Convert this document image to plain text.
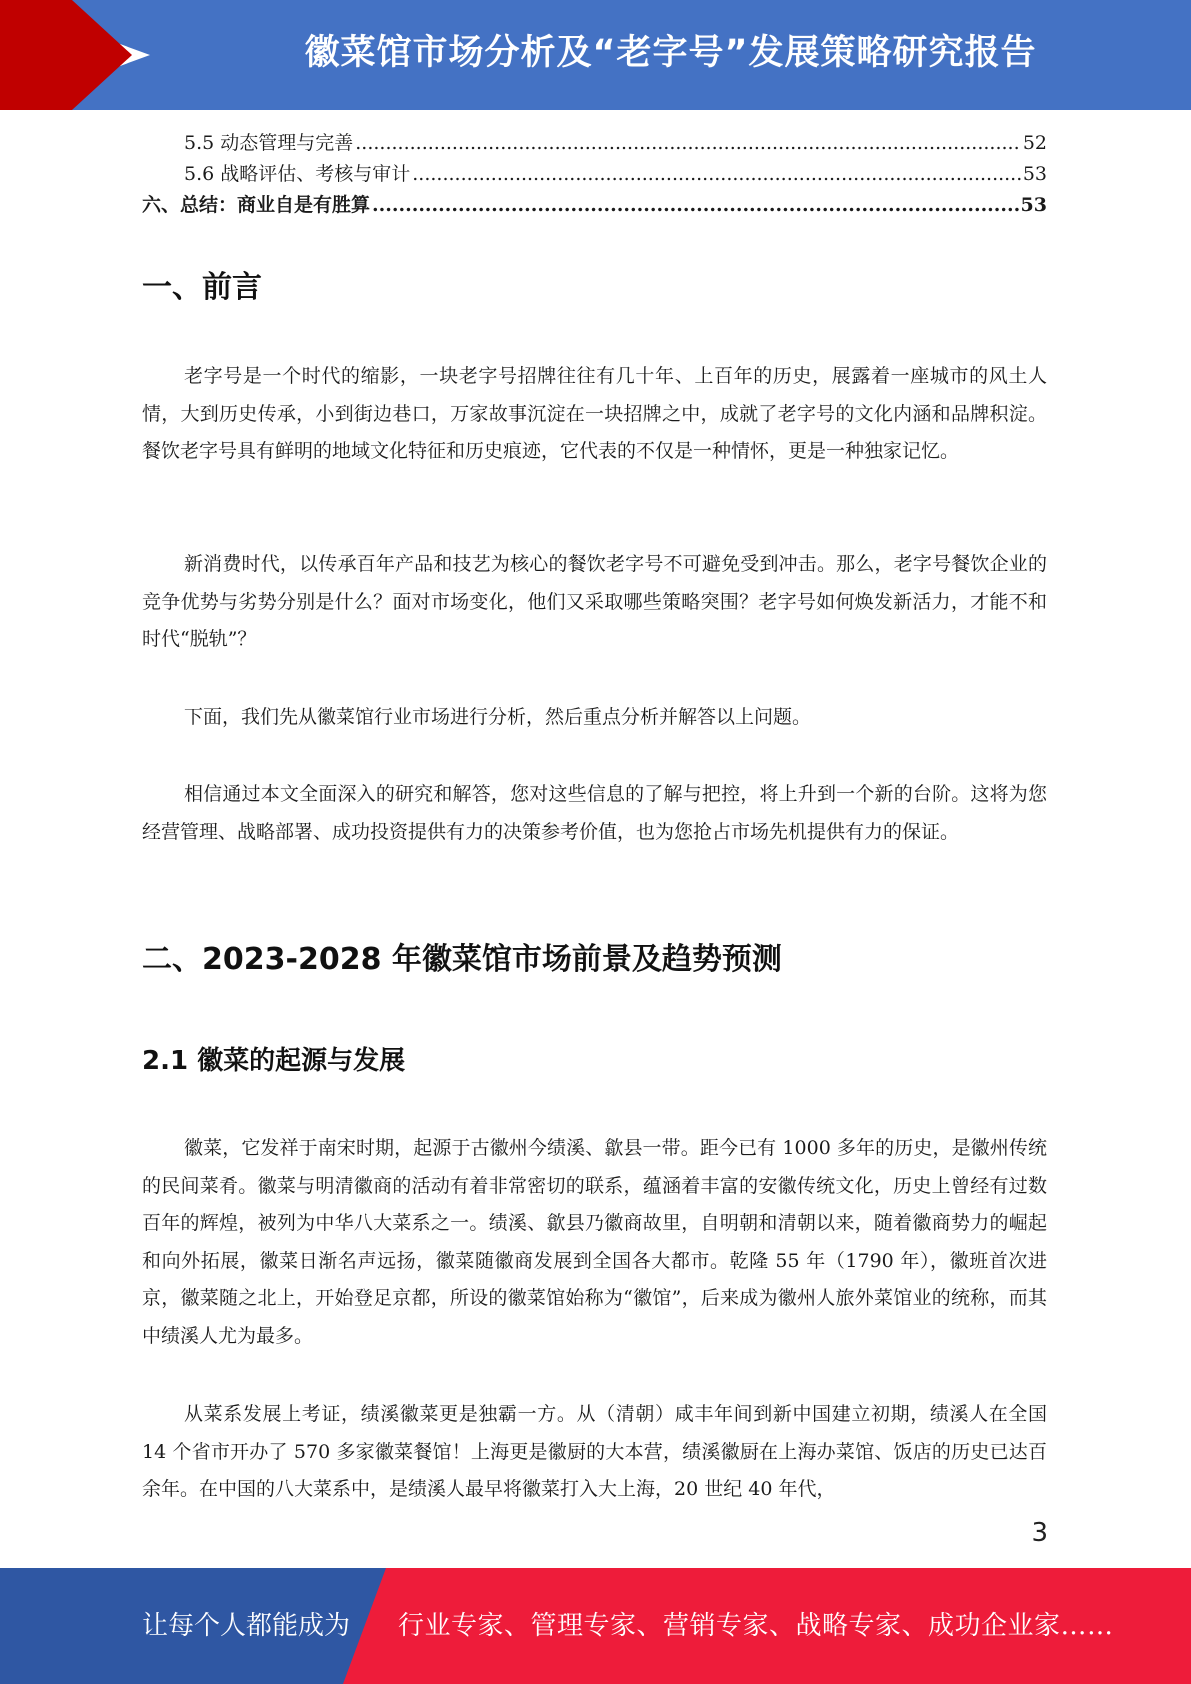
徽菜馆市场分析及“老字号”发展策略研究报告
5.5 动态管理与完善 .....	52
5.6 战略评估、考核与审计 .....	53
六、总结：商业自是有胜算 .....	53
一、前言

老字号是一个时代的缩影，一块老字号招牌往往有几十年、上百年的历史，展露着一座城市的风土人情，大到历史传承，小到街边巷口，万家故事沉淀在一块招牌之中，成就了老字号的文化内涵和品牌积淀。餐饮老字号具有鲜明的地域文化特征和历史痕迹，它代表的不仅是一种情怀，更是一种独家记忆。

新消费时代，以传承百年产品和技艺为核心的餐饮老字号不可避免受到冲击。那么，老字号餐饮企业的竞争优势与劣势分别是什么？面对市场变化，他们又采取哪些策略突围？老字号如何焕发新活力，才能不和时代“脱轨”？

下面，我们先从徽菜馆行业市场进行分析，然后重点分析并解答以上问题。

相信通过本文全面深入的研究和解答，您对这些信息的了解与把控，将上升到一个新的台阶。这将为您经营管理、战略部署、成功投资提供有力的决策参考价值，也为您抢占市场先机提供有力的保证。

二、2023-2028 年徽菜馆市场前景及趋势预测
2.1 徽菜的起源与发展

徽菜，它发祥于南宋时期，起源于古徽州今绩溪、歙县一带。距今已有 1000 多年的历史，是徽州传统的民间菜肴。徽菜与明清徽商的活动有着非常密切的联系，蕴涵着丰富的安徽传统文化，历史上曾经有过数百年的辉煌，被列为中华八大菜系之一。绩溪、歙县乃徽商故里，自明朝和清朝以来，随着徽商势力的崛起和向外拓展，徽菜日渐名声远扬，徽菜随徽商发展到全国各大都市。乾隆 55 年（1790 年），徽班首次进京，徽菜随之北上，开始登足京都，所设的徽菜馆始称为“徽馆”，后来成为徽州人旅外菜馆业的统称，而其中绩溪人尤为最多。

从菜系发展上考证，绩溪徽菜更是独霸一方。从（清朝）咸丰年间到新中国建立初期，绩溪人在全国 14 个省市开办了 570 多家徽菜餐馆！上海更是徽厨的大本营，绩溪徽厨在上海办菜馆、饭店的历史已达百余年。在中国的八大菜系中，是绩溪人最早将徽菜打入大上海，20 世纪 40 年代，

3
让每个人都能成为 行业专家、管理专家、营销专家、战略专家、成功企业家……
